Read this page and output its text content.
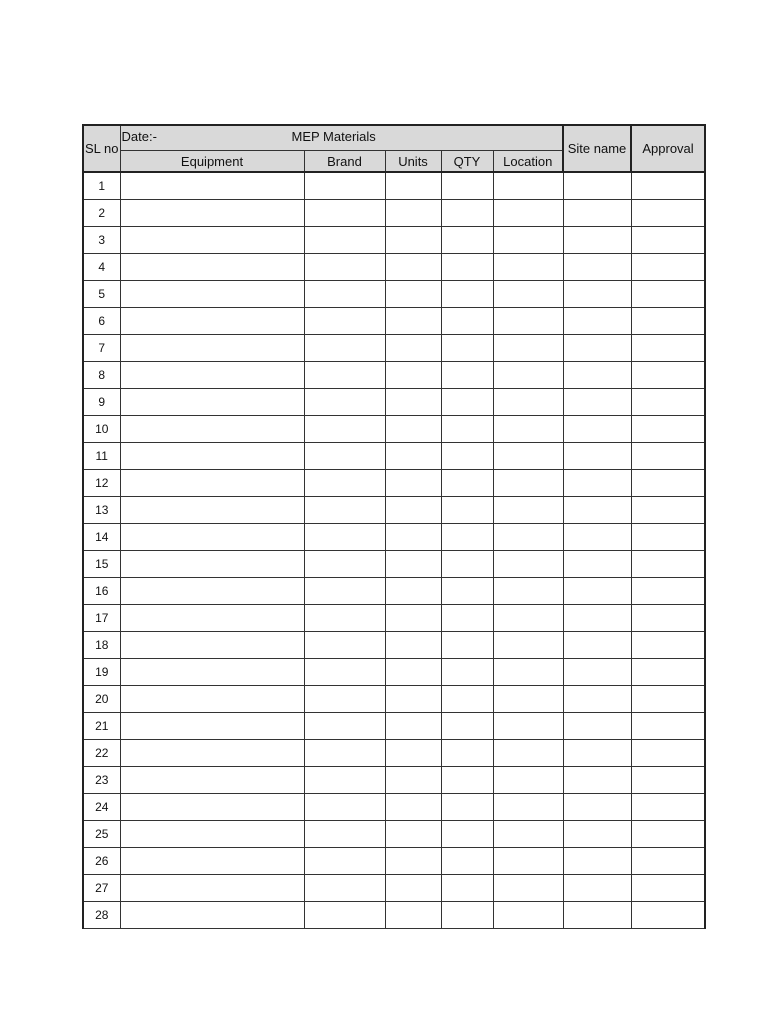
SL no	Date:- MEP Materials					Site name	Approval
	Equipment	Brand	Units	QTY	Location		
1							
2							
3							
4							
5							
6							
7							
8							
9							
10							
11							
12							
13							
14							
15							
16							
17							
18							
19							
20							
21							
22							
23							
24							
25							
26							
27							
28							
